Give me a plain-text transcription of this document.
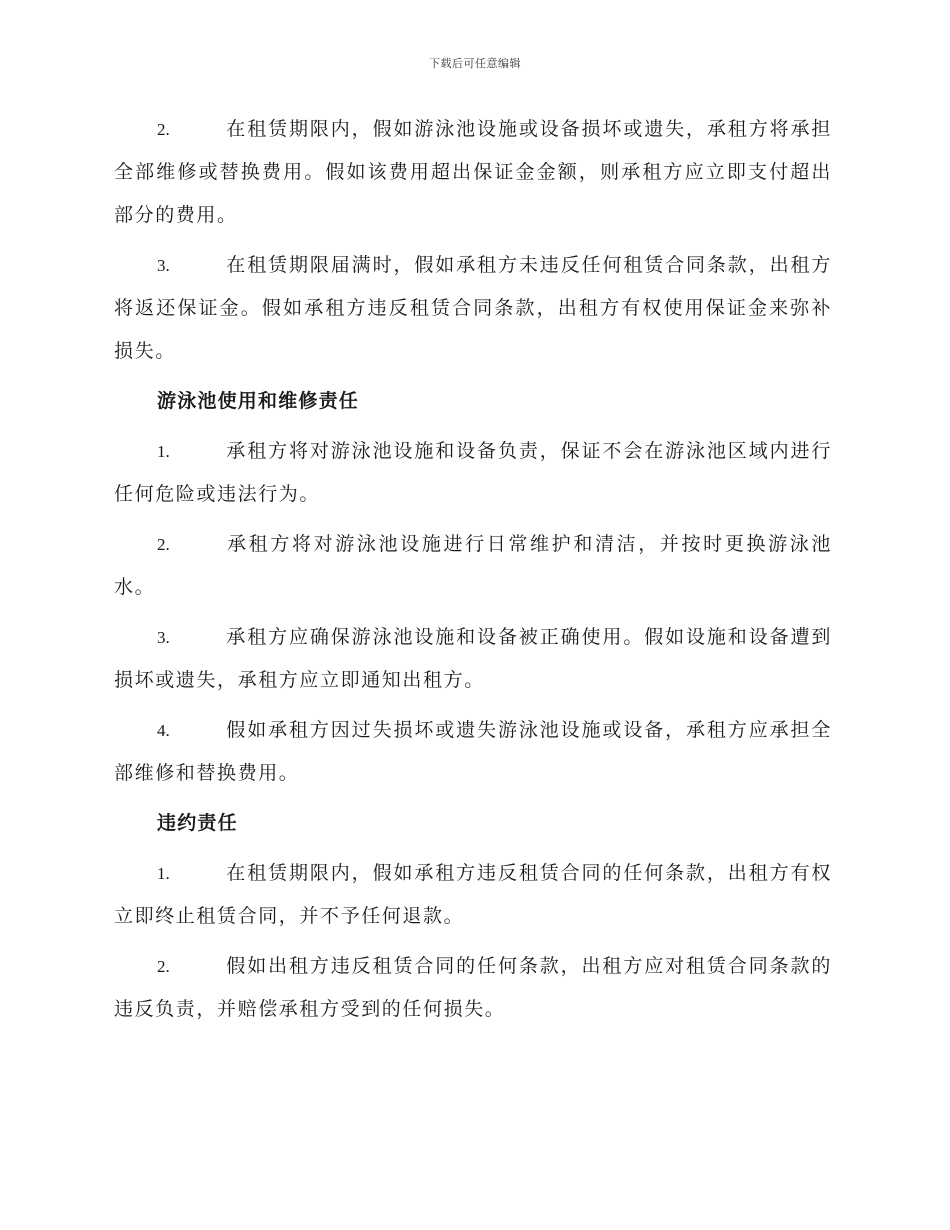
下载后可任意编辑

2.	在租赁期限内，假如游泳池设施或设备损坏或遗失，承租方将承担全部维修或替换费用。假如该费用超出保证金金额，则承租方应立即支付超出部分的费用。

3.	在租赁期限届满时，假如承租方未违反任何租赁合同条款，出租方将返还保证金。假如承租方违反租赁合同条款，出租方有权使用保证金来弥补损失。

游泳池使用和维修责任

1.	承租方将对游泳池设施和设备负责，保证不会在游泳池区域内进行任何危险或违法行为。

2.	承租方将对游泳池设施进行日常维护和清洁，并按时更换游泳池水。

3.	承租方应确保游泳池设施和设备被正确使用。假如设施和设备遭到损坏或遗失，承租方应立即通知出租方。

4.	假如承租方因过失损坏或遗失游泳池设施或设备，承租方应承担全部维修和替换费用。

违约责任

1.	在租赁期限内，假如承租方违反租赁合同的任何条款，出租方有权立即终止租赁合同，并不予任何退款。

2.	假如出租方违反租赁合同的任何条款，出租方应对租赁合同条款的违反负责，并赔偿承租方受到的任何损失。
